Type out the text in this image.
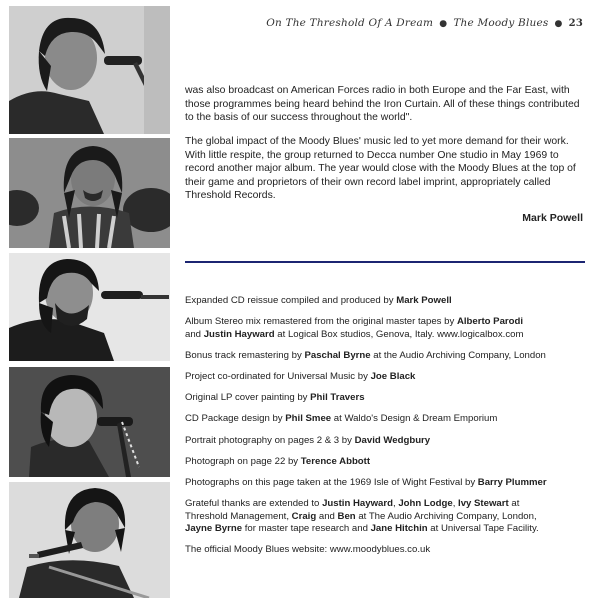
On The Threshold Of A Dream ● The Moody Blues ● 23
was also broadcast on American Forces radio in both Europe and the Far East, with those programmes being heard behind the Iron Curtain. All of these things contributed to the basis of our success throughout the world".
The global impact of the Moody Blues' music led to yet more demand for their work. With little respite, the group returned to Decca number One studio in May 1969 to record another major album. The year would close with the Moody Blues at the top of their game and proprietors of their own record label imprint, appropriately called Threshold Records.
Mark Powell
Expanded CD reissue compiled and produced by Mark Powell
Album Stereo mix remastered from the original master tapes by Alberto Parodi
and Justin Hayward at Logical Box studios, Genova, Italy. www.logicalbox.com
Bonus track remastering by Paschal Byrne at the Audio Archiving Company, London
Project co-ordinated for Universal Music by Joe Black
Original LP cover painting by Phil Travers
CD Package design by Phil Smee at Waldo's Design & Dream Emporium
Portrait photography on pages 2 & 3 by David Wedgbury
Photograph on page 22 by Terence Abbott
Photographs on this page taken at the 1969 Isle of Wight Festival by Barry Plummer
Grateful thanks are extended to Justin Hayward, John Lodge, Ivy Stewart at
Threshold Management, Craig and Ben at The Audio Archiving Company, London,
Jayne Byrne for master tape research and Jane Hitchin at Universal Tape Facility.
The official Moody Blues website: www.moodyblues.co.uk
